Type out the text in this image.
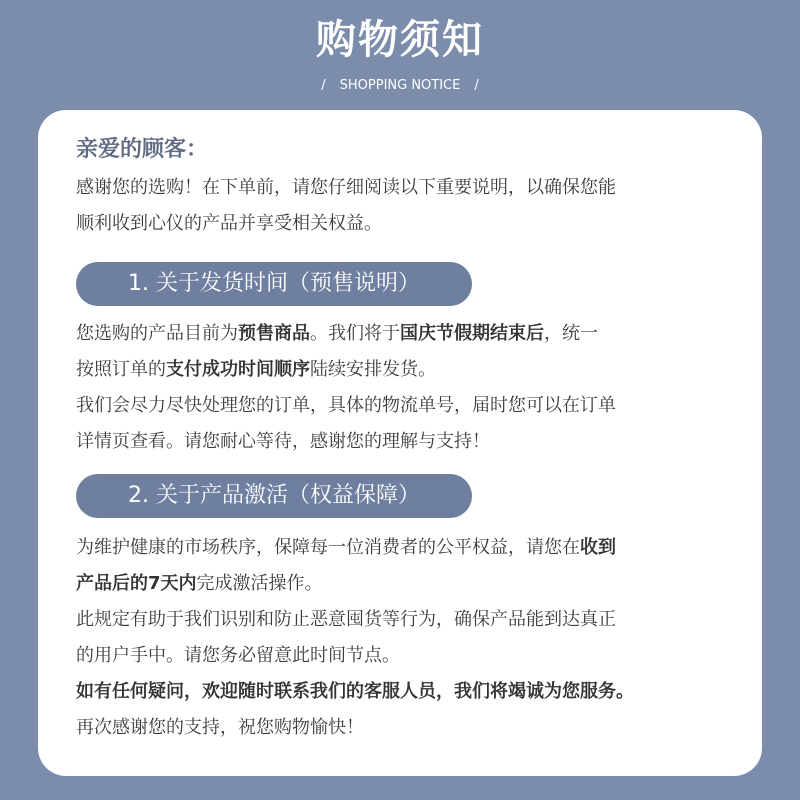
购物须知
/ SHOPPING NOTICE /
亲爱的顾客：

感谢您的选购！在下单前，请您仔细阅读以下重要说明，以确保您能

顺利收到心仪的产品并享受相关权益。

1. 关于发货时间（预售说明）

您选购的产品目前为预售商品。我们将于国庆节假期结束后，统一

按照订单的支付成功时间顺序陆续安排发货。

我们会尽力尽快处理您的订单，具体的物流单号，届时您可以在订单

详情页查看。请您耐心等待，感谢您的理解与支持！

2. 关于产品激活（权益保障）

为维护健康的市场秩序，保障每一位消费者的公平权益，请您在收到

产品后的7天内完成激活操作。

此规定有助于我们识别和防止恶意囤货等行为，确保产品能到达真正

的用户手中。请您务必留意此时间节点。

如有任何疑问，欢迎随时联系我们的客服人员，我们将竭诚为您服务。

再次感谢您的支持，祝您购物愉快！
